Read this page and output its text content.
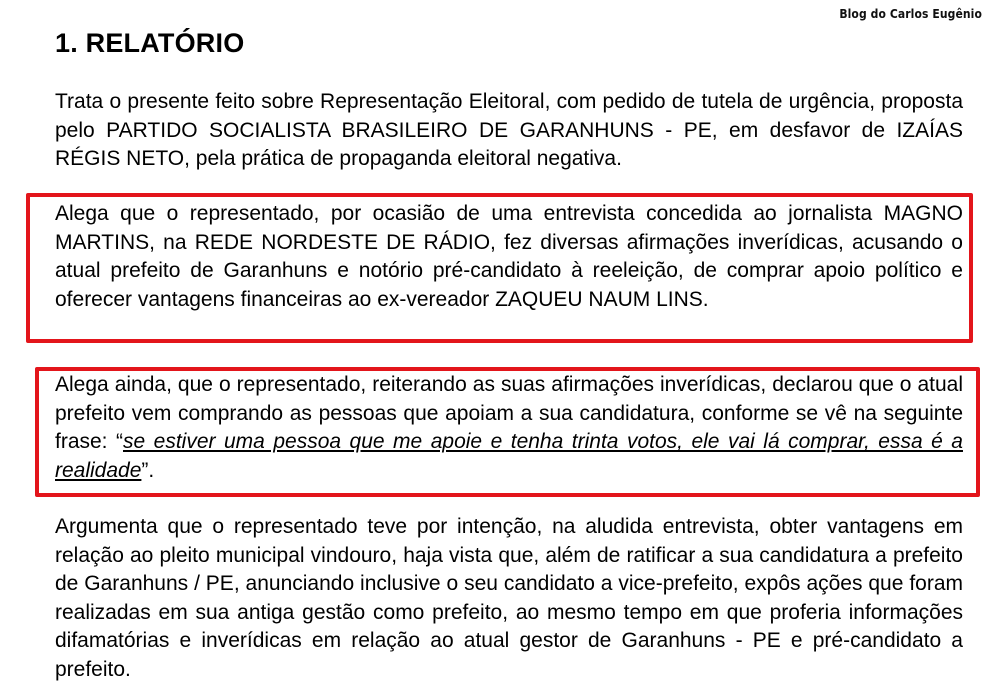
Blog do Carlos Eugênio
1. RELATÓRIO

Trata o presente feito sobre Representação Eleitoral, com pedido de tutela de urgência, proposta pelo PARTIDO SOCIALISTA BRASILEIRO DE GARANHUNS - PE, em desfavor de IZAÍAS RÉGIS NETO, pela prática de propaganda eleitoral negativa.

Alega que o representado, por ocasião de uma entrevista concedida ao jornalista MAGNO MARTINS, na REDE NORDESTE DE RÁDIO, fez diversas afirmações inverídicas, acusando o atual prefeito de Garanhuns e notório pré-candidato à reeleição, de comprar apoio político e oferecer vantagens financeiras ao ex-vereador ZAQUEU NAUM LINS.

Alega ainda, que o representado, reiterando as suas afirmações inverídicas, declarou que o atual prefeito vem comprando as pessoas que apoiam a sua candidatura, conforme se vê na seguinte frase: “se estiver uma pessoa que me apoie e tenha trinta votos, ele vai lá comprar, essa é a realidade”.

Argumenta que o representado teve por intenção, na aludida entrevista, obter vantagens em relação ao pleito municipal vindouro, haja vista que, além de ratificar a sua candidatura a prefeito de Garanhuns / PE, anunciando inclusive o seu candidato a vice-prefeito, expôs ações que foram realizadas em sua antiga gestão como prefeito, ao mesmo tempo em que proferia informações difamatórias e inverídicas em relação ao atual gestor de Garanhuns - PE e pré-candidato a prefeito.
